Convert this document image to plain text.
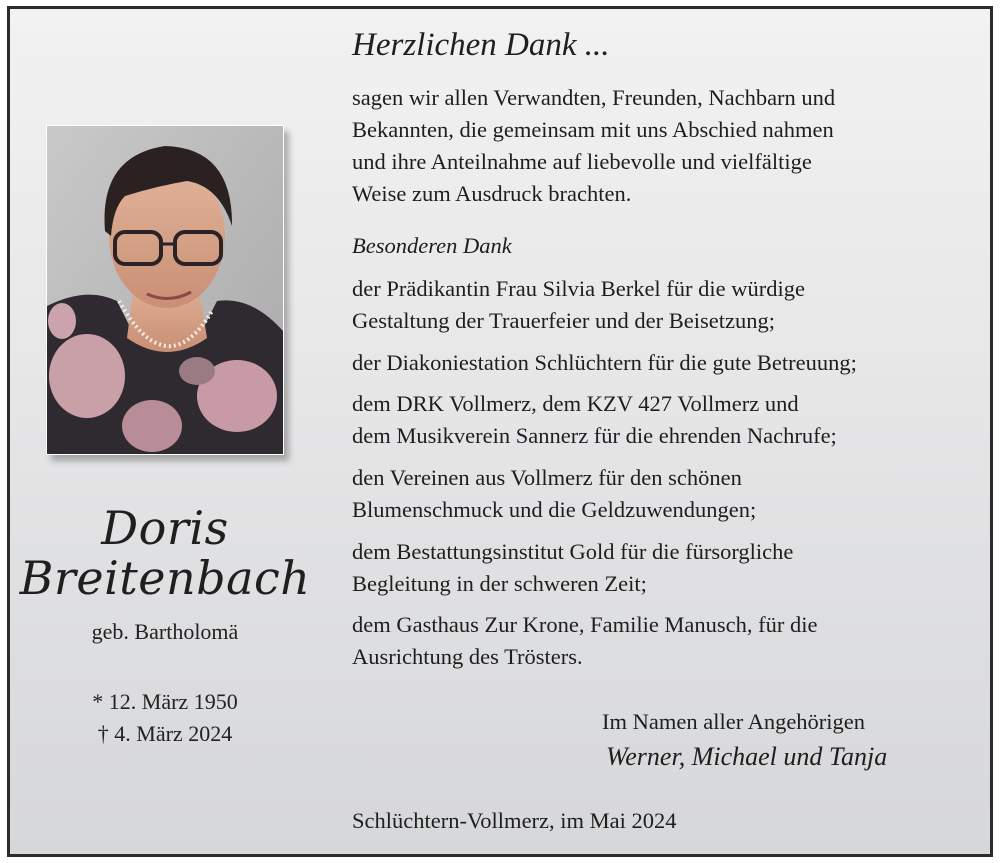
Doris
Breitenbach
geb. Bartholomä
* 12. März 1950
† 4. März 2024
Herzlichen Dank ...
sagen wir allen Verwandten, Freunden, Nachbarn und
Bekannten, die gemeinsam mit uns Abschied nahmen
und ihre Anteilnahme auf liebevolle und vielfältige
Weise zum Ausdruck brachten.
Besonderen Dank
der Prädikantin Frau Silvia Berkel für die würdige
Gestaltung der Trauerfeier und der Beisetzung;
der Diakoniestation Schlüchtern für die gute Betreuung;
dem DRK Vollmerz, dem KZV 427 Vollmerz und
dem Musikverein Sannerz für die ehrenden Nachrufe;
den Vereinen aus Vollmerz für den schönen
Blumenschmuck und die Geldzuwendungen;
dem Bestattungsinstitut Gold für die fürsorgliche
Begleitung in der schweren Zeit;
dem Gasthaus Zur Krone, Familie Manusch, für die
Ausrichtung des Trösters.
Im Namen aller Angehörigen
Werner, Michael und Tanja
Schlüchtern-Vollmerz, im Mai 2024
